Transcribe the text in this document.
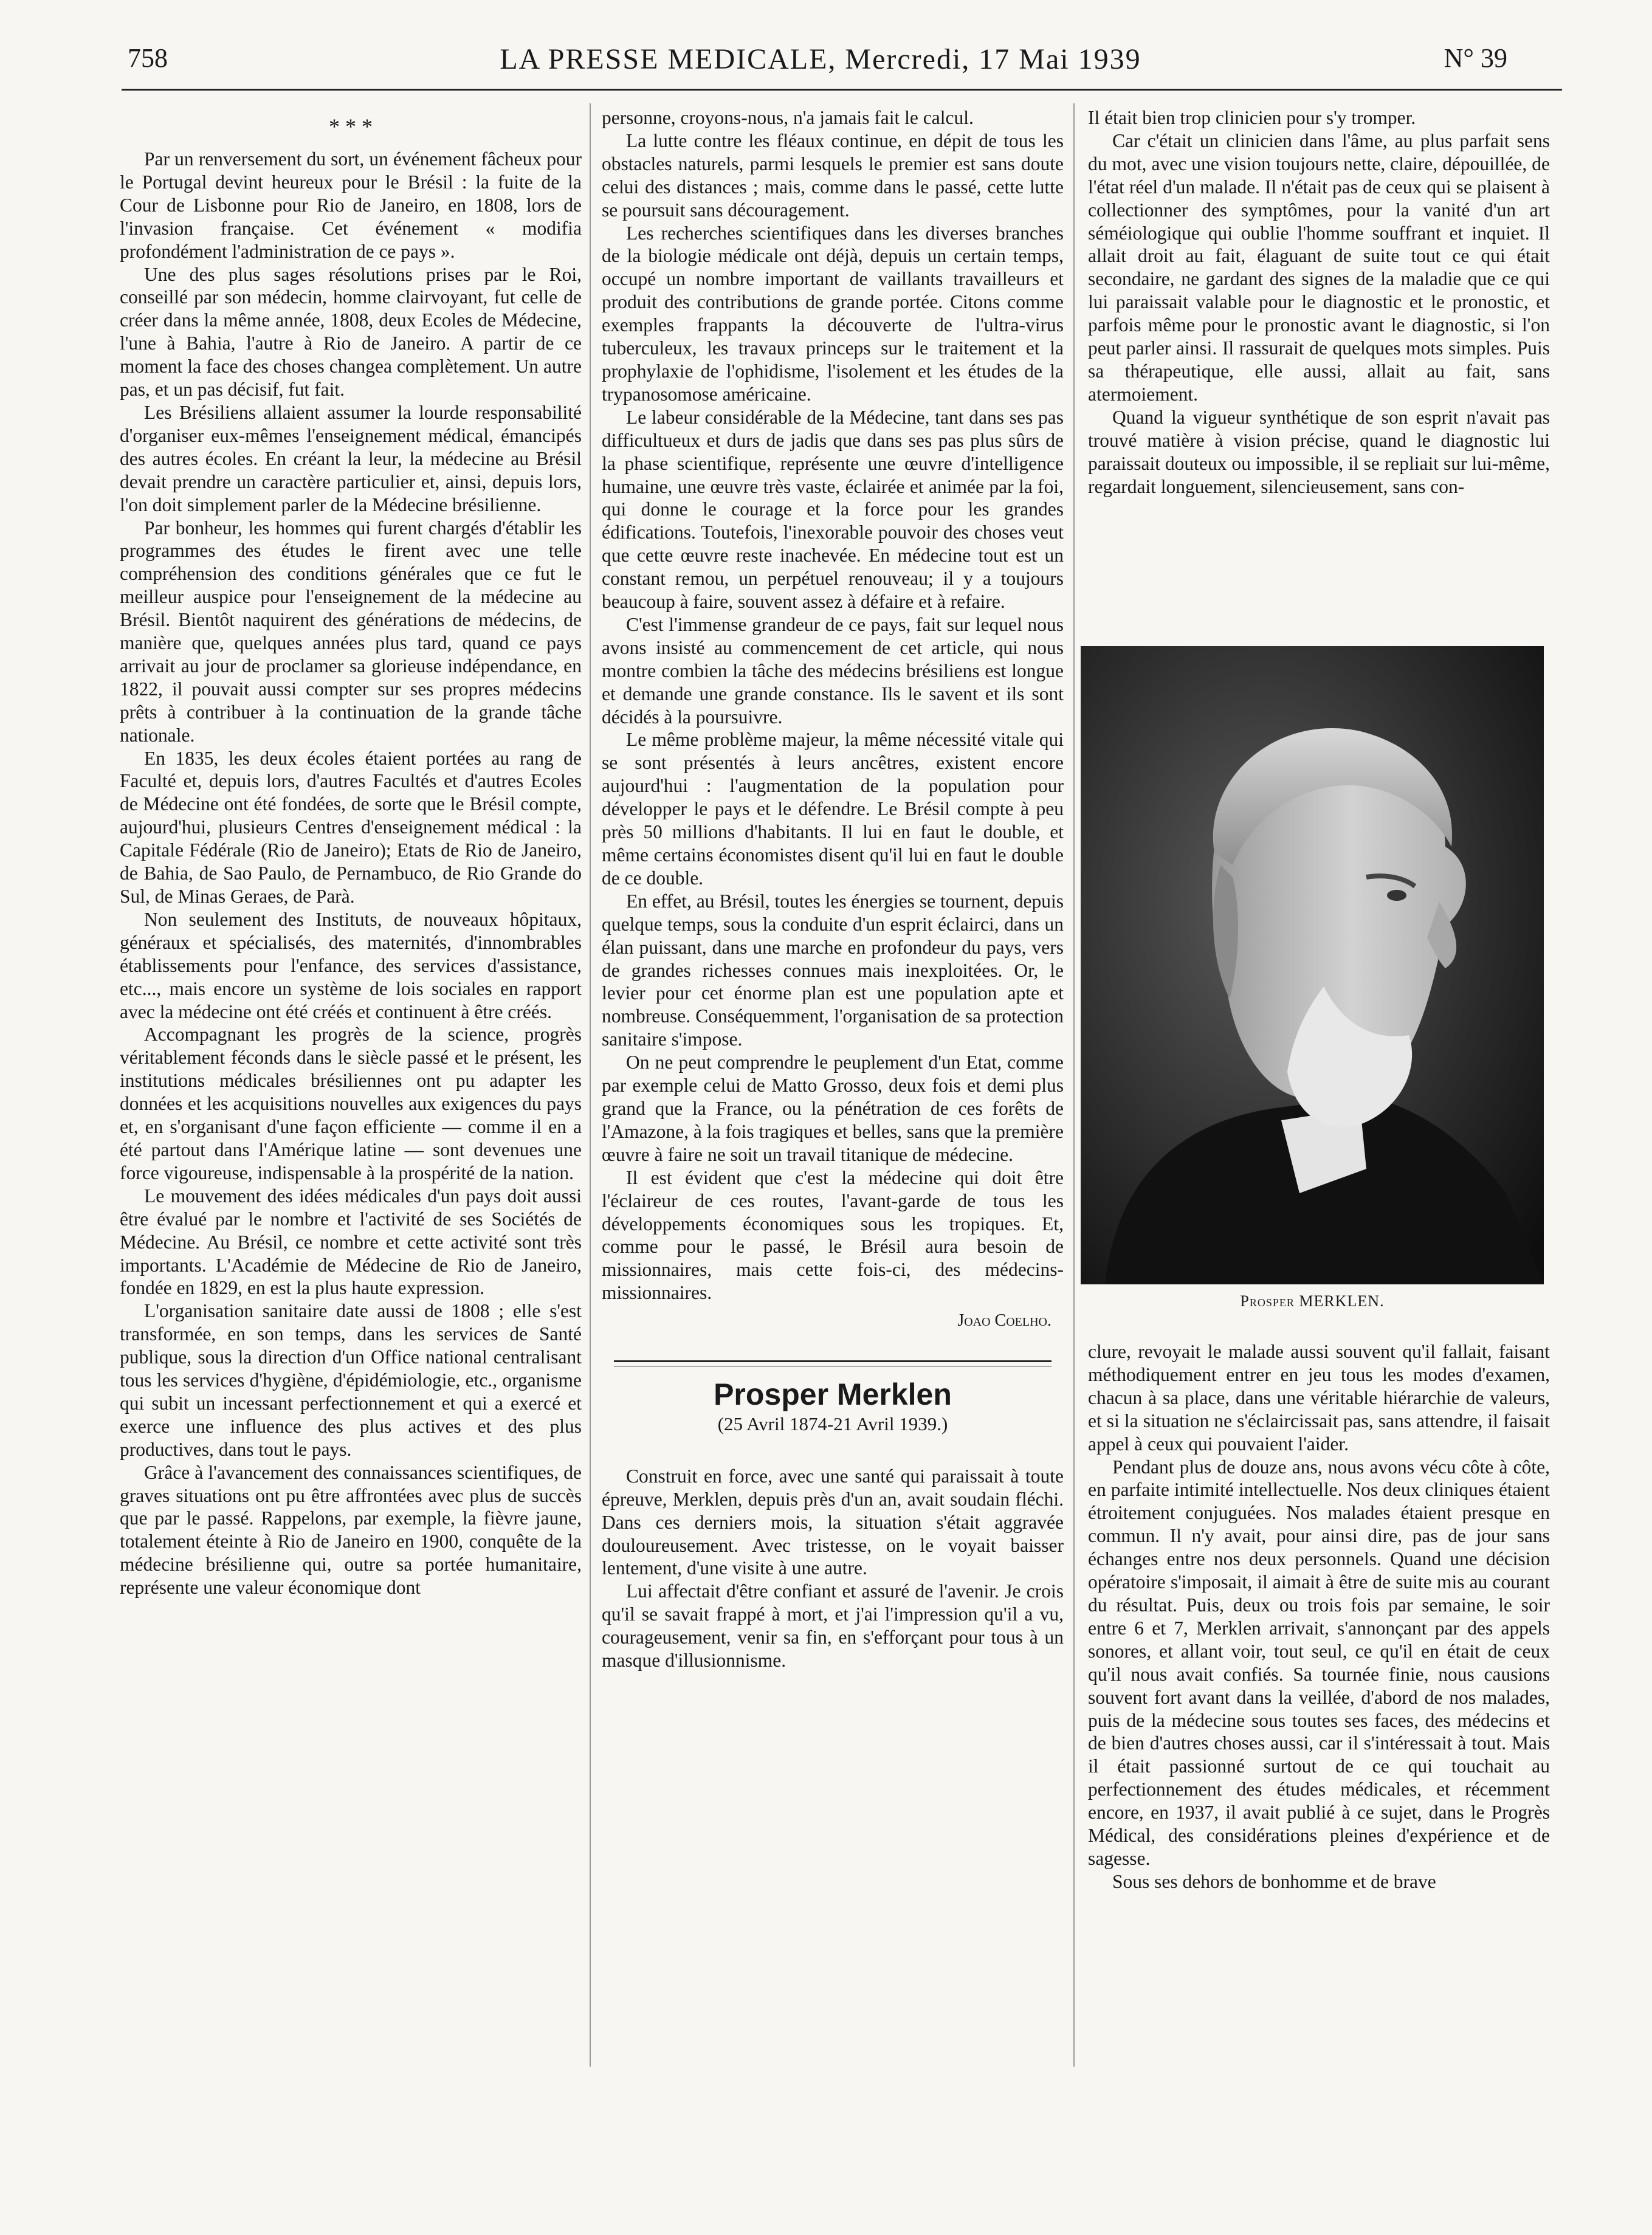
758	LA PRESSE MEDICALE, Mercredi, 17 Mai 1939	N° 39
* * *

Par un renversement du sort, un événement fâcheux pour le Portugal devint heureux pour le Brésil : la fuite de la Cour de Lisbonne pour Rio de Janeiro, en 1808, lors de l'invasion française. Cet événement « modifia profondément l'administration de ce pays ».

Une des plus sages résolutions prises par le Roi, conseillé par son médecin, homme clairvoyant, fut celle de créer dans la même année, 1808, deux Ecoles de Médecine, l'une à Bahia, l'autre à Rio de Janeiro. A partir de ce moment la face des choses changea complètement. Un autre pas, et un pas décisif, fut fait.

Les Brésiliens allaient assumer la lourde responsabilité d'organiser eux-mêmes l'enseignement médical, émancipés des autres écoles. En créant la leur, la médecine au Brésil devait prendre un caractère particulier et, ainsi, depuis lors, l'on doit simplement parler de la Médecine brésilienne.

Par bonheur, les hommes qui furent chargés d'établir les programmes des études le firent avec une telle compréhension des conditions générales que ce fut le meilleur auspice pour l'enseignement de la médecine au Brésil. Bientôt naquirent des générations de médecins, de manière que, quelques années plus tard, quand ce pays arrivait au jour de proclamer sa glorieuse indépendance, en 1822, il pouvait aussi compter sur ses propres médecins prêts à contribuer à la continuation de la grande tâche nationale.

En 1835, les deux écoles étaient portées au rang de Faculté et, depuis lors, d'autres Facultés et d'autres Ecoles de Médecine ont été fondées, de sorte que le Brésil compte, aujourd'hui, plusieurs Centres d'enseignement médical : la Capitale Fédérale (Rio de Janeiro); Etats de Rio de Janeiro, de Bahia, de Sao Paulo, de Pernambuco, de Rio Grande do Sul, de Minas Geraes, de Parà.

Non seulement des Instituts, de nouveaux hôpitaux, généraux et spécialisés, des maternités, d'innombrables établissements pour l'enfance, des services d'assistance, etc..., mais encore un système de lois sociales en rapport avec la médecine ont été créés et continuent à être créés.

Accompagnant les progrès de la science, progrès véritablement féconds dans le siècle passé et le présent, les institutions médicales brésiliennes ont pu adapter les données et les acquisitions nouvelles aux exigences du pays et, en s'organisant d'une façon efficiente — comme il en a été partout dans l'Amérique latine — sont devenues une force vigoureuse, indispensable à la prospérité de la nation.

Le mouvement des idées médicales d'un pays doit aussi être évalué par le nombre et l'activité de ses Sociétés de Médecine. Au Brésil, ce nombre et cette activité sont très importants. L'Académie de Médecine de Rio de Janeiro, fondée en 1829, en est la plus haute expression.

L'organisation sanitaire date aussi de 1808 ; elle s'est transformée, en son temps, dans les services de Santé publique, sous la direction d'un Office national centralisant tous les services d'hygiène, d'épidémiologie, etc., organisme qui subit un incessant perfectionnement et qui a exercé et exerce une influence des plus actives et des plus productives, dans tout le pays.

Grâce à l'avancement des connaissances scientifiques, de graves situations ont pu être affrontées avec plus de succès que par le passé. Rappelons, par exemple, la fièvre jaune, totalement éteinte à Rio de Janeiro en 1900, conquête de la médecine brésilienne qui, outre sa portée humanitaire, représente une valeur économique dont

personne, croyons-nous, n'a jamais fait le calcul.

La lutte contre les fléaux continue, en dépit de tous les obstacles naturels, parmi lesquels le premier est sans doute celui des distances ; mais, comme dans le passé, cette lutte se poursuit sans découragement.

Les recherches scientifiques dans les diverses branches de la biologie médicale ont déjà, depuis un certain temps, occupé un nombre important de vaillants travailleurs et produit des contributions de grande portée. Citons comme exemples frappants la découverte de l'ultra-virus tuberculeux, les travaux princeps sur le traitement et la prophylaxie de l'ophidisme, l'isolement et les études de la trypanosomose américaine.

Le labeur considérable de la Médecine, tant dans ses pas difficultueux et durs de jadis que dans ses pas plus sûrs de la phase scientifique, représente une œuvre d'intelligence humaine, une œuvre très vaste, éclairée et animée par la foi, qui donne le courage et la force pour les grandes édifications. Toutefois, l'inexorable pouvoir des choses veut que cette œuvre reste inachevée. En médecine tout est un constant remou, un perpétuel renouveau; il y a toujours beaucoup à faire, souvent assez à défaire et à refaire.

C'est l'immense grandeur de ce pays, fait sur lequel nous avons insisté au commencement de cet article, qui nous montre combien la tâche des médecins brésiliens est longue et demande une grande constance. Ils le savent et ils sont décidés à la poursuivre.

Le même problème majeur, la même nécessité vitale qui se sont présentés à leurs ancêtres, existent encore aujourd'hui : l'augmentation de la population pour développer le pays et le défendre. Le Brésil compte à peu près 50 millions d'habitants. Il lui en faut le double, et même certains économistes disent qu'il lui en faut le double de ce double.

En effet, au Brésil, toutes les énergies se tournent, depuis quelque temps, sous la conduite d'un esprit éclairci, dans un élan puissant, dans une marche en profondeur du pays, vers de grandes richesses connues mais inexploitées. Or, le levier pour cet énorme plan est une population apte et nombreuse. Conséquemment, l'organisation de sa protection sanitaire s'impose.

On ne peut comprendre le peuplement d'un Etat, comme par exemple celui de Matto Grosso, deux fois et demi plus grand que la France, ou la pénétration de ces forêts de l'Amazone, à la fois tragiques et belles, sans que la première œuvre à faire ne soit un travail titanique de médecine.

Il est évident que c'est la médecine qui doit être l'éclaireur de ces routes, l'avant-garde de tous les développements économiques sous les tropiques. Et, comme pour le passé, le Brésil aura besoin de missionnaires, mais cette fois-ci, des médecins-missionnaires.

Joao Coelho.
Prosper Merklen
(25 Avril 1874-21 Avril 1939.)

Construit en force, avec une santé qui paraissait à toute épreuve, Merklen, depuis près d'un an, avait soudain fléchi. Dans ces derniers mois, la situation s'était aggravée douloureusement. Avec tristesse, on le voyait baisser lentement, d'une visite à une autre.

Lui affectait d'être confiant et assuré de l'avenir. Je crois qu'il se savait frappé à mort, et j'ai l'impression qu'il a vu, courageusement, venir sa fin, en s'efforçant pour tous à un masque d'illusionnisme.

Il était bien trop clinicien pour s'y tromper.

Car c'était un clinicien dans l'âme, au plus parfait sens du mot, avec une vision toujours nette, claire, dépouillée, de l'état réel d'un malade. Il n'était pas de ceux qui se plaisent à collectionner des symptômes, pour la vanité d'un art séméiologique qui oublie l'homme souffrant et inquiet. Il allait droit au fait, élaguant de suite tout ce qui était secondaire, ne gardant des signes de la maladie que ce qui lui paraissait valable pour le diagnostic et le pronostic, et parfois même pour le pronostic avant le diagnostic, si l'on peut parler ainsi. Il rassurait de quelques mots simples. Puis sa thérapeutique, elle aussi, allait au fait, sans atermoiement.

Quand la vigueur synthétique de son esprit n'avait pas trouvé matière à vision précise, quand le diagnostic lui paraissait douteux ou impossible, il se repliait sur lui-même, regardait longuement, silencieusement, sans con-

Prosper MERKLEN.

clure, revoyait le malade aussi souvent qu'il fallait, faisant méthodiquement entrer en jeu tous les modes d'examen, chacun à sa place, dans une véritable hiérarchie de valeurs, et si la situation ne s'éclaircissait pas, sans attendre, il faisait appel à ceux qui pouvaient l'aider.

Pendant plus de douze ans, nous avons vécu côte à côte, en parfaite intimité intellectuelle. Nos deux cliniques étaient étroitement conjuguées. Nos malades étaient presque en commun. Il n'y avait, pour ainsi dire, pas de jour sans échanges entre nos deux personnels. Quand une décision opératoire s'imposait, il aimait à être de suite mis au courant du résultat. Puis, deux ou trois fois par semaine, le soir entre 6 et 7, Merklen arrivait, s'annonçant par des appels sonores, et allant voir, tout seul, ce qu'il en était de ceux qu'il nous avait confiés. Sa tournée finie, nous causions souvent fort avant dans la veillée, d'abord de nos malades, puis de la médecine sous toutes ses faces, des médecins et de bien d'autres choses aussi, car il s'intéressait à tout. Mais il était passionné surtout de ce qui touchait au perfectionnement des études médicales, et récemment encore, en 1937, il avait publié à ce sujet, dans le Progrès Médical, des considérations pleines d'expérience et de sagesse.

Sous ses dehors de bonhomme et de brave
